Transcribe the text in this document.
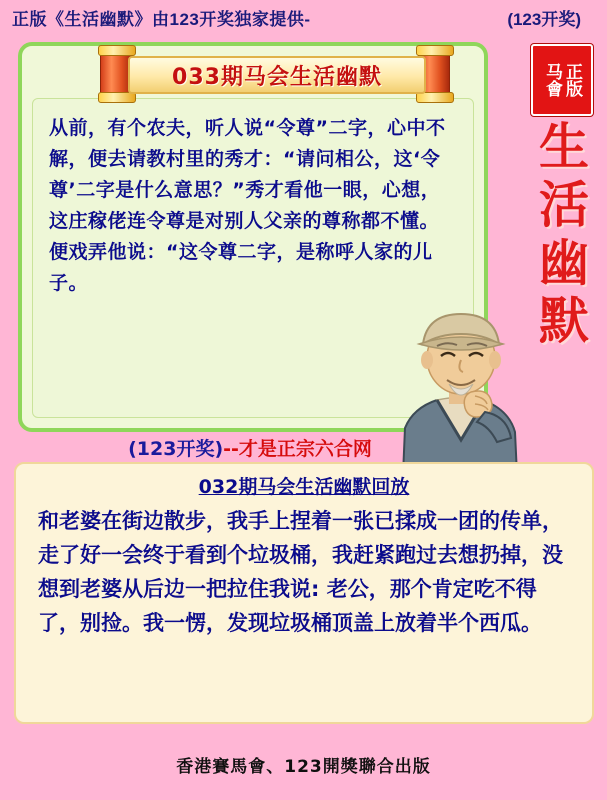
正版《生活幽默》由123开奖独家提供-	(123开奖)
从前，有个农夫，听人说“令尊”二字，心中不解，便去请教村里的秀才：“请问相公，这‘令尊’二字是什么意思？”秀才看他一眼，心想，这庄稼佬连令尊是对别人父亲的尊称都不懂。便戏弄他说：“这令尊二字，是称呼人家的儿子。
033期马会生活幽默	马會 正版
生
活
幽
默
(123开奖)--才是正宗六合网
032期马会生活幽默回放
和老婆在街边散步，我手上捏着一张已揉成一团的传单，走了好一会终于看到个垃圾桶，我赶紧跑过去想扔掉，没想到老婆从后边一把拉住我说: 老公，那个肯定吃不得了，别捡。我一愣，发现垃圾桶顶盖上放着半个西瓜。
香港賽馬會、123開獎聯合出版
